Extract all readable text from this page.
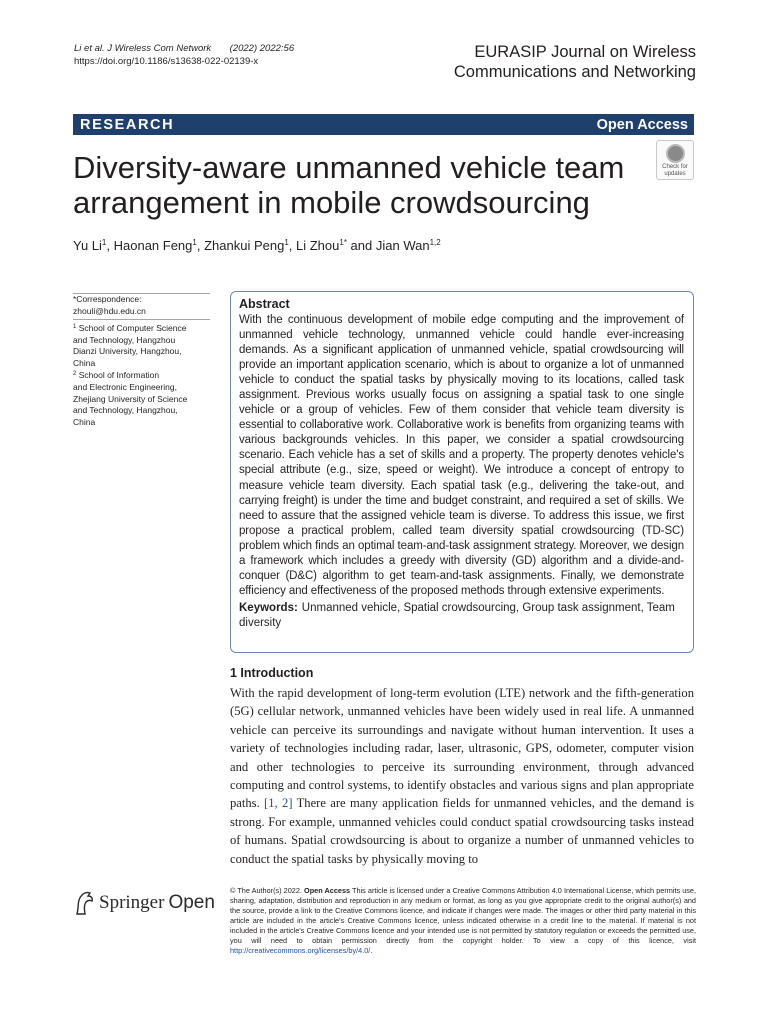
Li et al. J Wireless Com Network (2022) 2022:56
https://doi.org/10.1186/s13638-022-02139-x
EURASIP Journal on Wireless
Communications and Networking
RESEARCH	Open Access
Diversity-aware unmanned vehicle team arrangement in mobile crowdsourcing
Check for updates
Yu Li$^1$, Haonan Feng$^1$, Zhankui Peng$^1$, Li Zhou$^{1*}$ and Jian Wan$^{1,2}$
*Correspondence:
zhouli@hdu.edu.cn
$^1$ School of Computer Science
and Technology, Hangzhou
Dianzi University, Hangzhou,
China
$^2$ School of Information
and Electronic Engineering,
Zhejiang University of Science
and Technology, Hangzhou,
China
Abstract
With the continuous development of mobile edge computing and the improvement of unmanned vehicle technology, unmanned vehicle could handle ever-increasing demands. As a significant application of unmanned vehicle, spatial crowdsourcing will provide an important application scenario, which is about to organize a lot of unmanned vehicle to conduct the spatial tasks by physically moving to its locations, called task assignment. Previous works usually focus on assigning a spatial task to one single vehicle or a group of vehicles. Few of them consider that vehicle team diversity is essential to collaborative work. Collaborative work is benefits from organizing teams with various backgrounds vehicles. In this paper, we consider a spatial crowdsourcing scenario. Each vehicle has a set of skills and a property. The property denotes vehicle's special attribute (e.g., size, speed or weight). We introduce a concept of entropy to measure vehicle team diversity. Each spatial task (e.g., delivering the take-out, and carrying freight) is under the time and budget constraint, and required a set of skills. We need to assure that the assigned vehicle team is diverse. To address this issue, we first propose a practical problem, called team diversity spatial crowdsourcing (TD-SC) problem which finds an optimal team-and-task assignment strategy. Moreover, we design a framework which includes a greedy with diversity (GD) algorithm and a divide-and-conquer (D&C) algorithm to get team-and-task assignments. Finally, we demonstrate efficiency and effectiveness of the proposed methods through extensive experiments.
Keywords: Unmanned vehicle, Spatial crowdsourcing, Group task assignment, Team diversity
1 Introduction

With the rapid development of long-term evolution (LTE) network and the fifth-generation (5G) cellular network, unmanned vehicles have been widely used in real life. A unmanned vehicle can perceive its surroundings and navigate without human intervention. It uses a variety of technologies including radar, laser, ultrasonic, GPS, odometer, computer vision and other technologies to perceive its surrounding environment, through advanced computing and control systems, to identify obstacles and various signs and plan appropriate paths. [1, 2] There are many application fields for unmanned vehicles, and the demand is strong. For example, unmanned vehicles could conduct spatial crowdsourcing tasks instead of humans. Spatial crowdsourcing is about to organize a number of unmanned vehicles to conduct the spatial tasks by physically moving to

Springer Open
© The Author(s) 2022. Open Access This article is licensed under a Creative Commons Attribution 4.0 International License, which permits use, sharing, adaptation, distribution and reproduction in any medium or format, as long as you give appropriate credit to the original author(s) and the source, provide a link to the Creative Commons licence, and indicate if changes were made. The images or other third party material in this article are included in the article's Creative Commons licence, unless indicated otherwise in a credit line to the material. If material is not included in the article's Creative Commons licence and your intended use is not permitted by statutory regulation or exceeds the permitted use, you will need to obtain permission directly from the copyright holder. To view a copy of this licence, visit http://creativecommons.org/licenses/by/4.0/.
